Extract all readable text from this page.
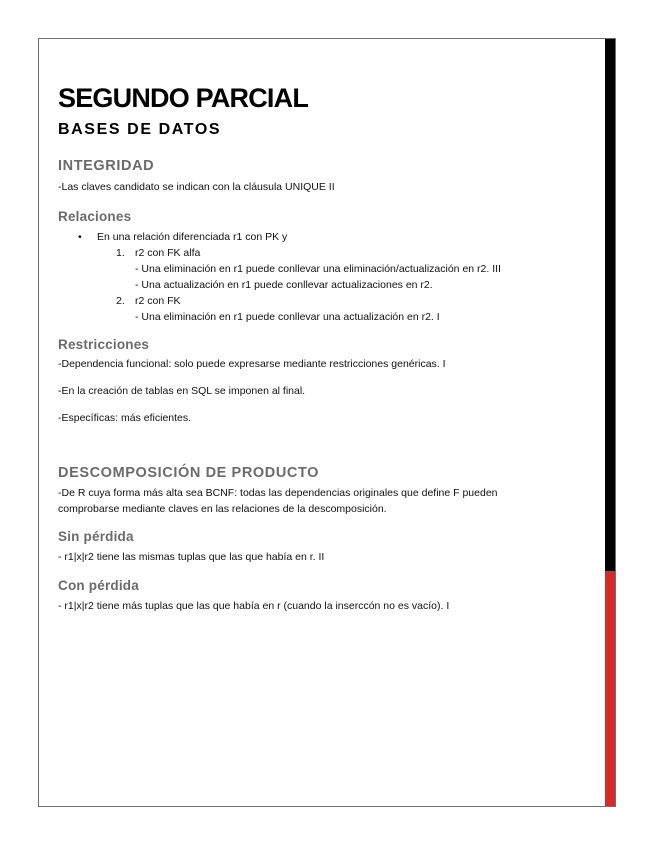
SEGUNDO PARCIAL
BASES DE DATOS
INTEGRIDAD

-Las claves candidato se indican con la cláusula UNIQUE II

Relaciones
• En una relación diferenciada r1 con PK y
1. r2 con FK alfa
- Una eliminación en r1 puede conllevar una eliminación/actualización en r2. III
- Una actualización en r1 puede conllevar actualizaciones en r2.
2. r2 con FK
- Una eliminación en r1 puede conllevar una actualización en r2. I
Restricciones

-Dependencia funcional: solo puede expresarse mediante restricciones genéricas. I

-En la creación de tablas en SQL se imponen al final.

-Específicas: más eficientes.

DESCOMPOSICIÓN DE PRODUCTO

-De R cuya forma más alta sea BCNF: todas las dependencias originales que define F pueden
comprobarse mediante claves en las relaciones de la descomposición.

Sin pérdida

- r1|x|r2 tiene las mismas tuplas que las que había en r. II

Con pérdida

- r1|x|r2 tiene más tuplas que las que había en r (cuando la inserccón no es vacío). I
